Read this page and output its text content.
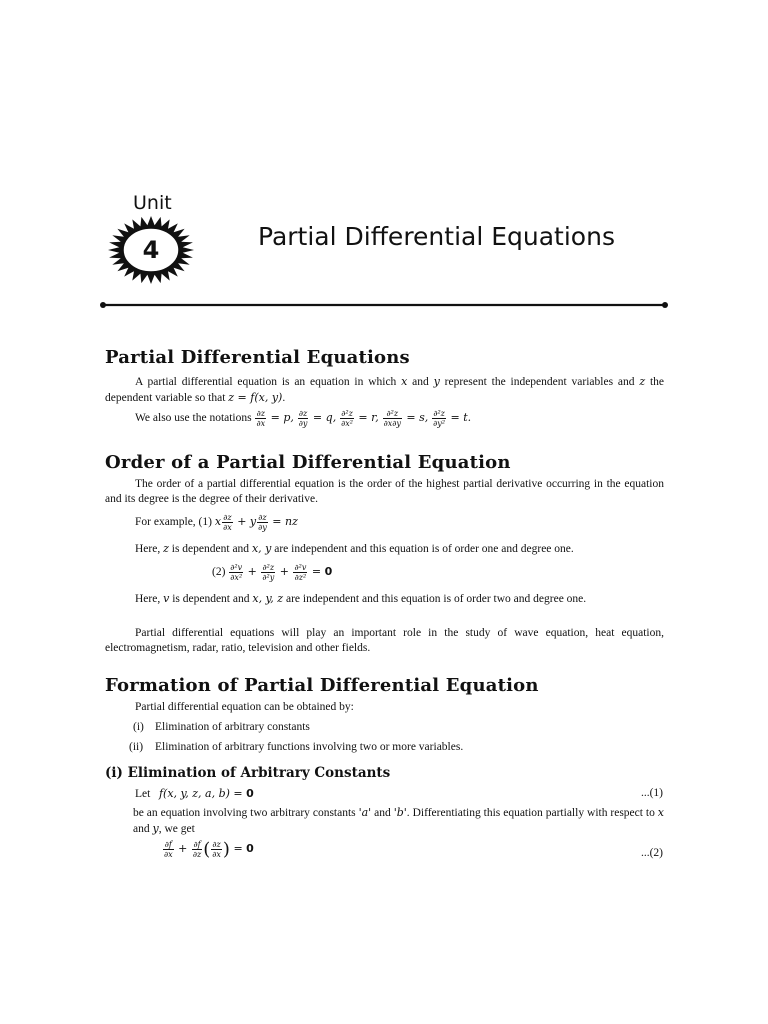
Unit
4	Partial Differential Equations
Partial Differential Equations

A partial differential equation is an equation in which x and y represent the independent variables and z the dependent variable so that z = f(x, y).

We also use the notations $\frac{\partial z}{\partial x} = p$, $\frac{\partial z}{\partial y} = q$, $\frac{\text{∂²z}}{\text{∂x²}} = r$, $\frac{\text{∂²z}}{\partial x\partial y} = s$, $\frac{\text{∂²z}}{\text{∂y²}} = t$.
Order of a Partial Differential Equation

The order of a partial differential equation is the order of the highest partial derivative occurring in the equation and its degree is the degree of their derivative.

For example, (1) x $\frac{\partial z}{\partial x} + y \frac{\partial z}{\partial y}$ = nz
Here, z is dependent and x, y are independent and this equation is of order one and degree one.
$(2) \frac{\text{∂²v}}{\text{∂x²}} + \frac{\text{∂²z}}{\text{∂²y}} + \frac{\text{∂²v}}{\text{∂z²}} = 0$

Here, v is dependent and x, y, z are independent and this equation is of order two and degree one.

Partial differential equations will play an important role in the study of wave equation, heat equation, electromagnetism, radar, ratio, television and other fields.

Formation of Partial Differential Equation
Partial differential equation can be obtained by:
(i) Elimination of arbitrary constants
(ii) Elimination of arbitrary functions involving two or more variables.
(i) Elimination of Arbitrary Constants
Let f(x, y, z, a, b) = 0	...(1)

be an equation involving two arbitrary constants 'a' and 'b'. Differentiating this equation partially with respect to x and y, we get

$\frac{\partial f}{\partial x} + \frac{\partial f}{\partial z}$ ( $\frac{\partial z}{\partial x}$ ) = 0	...(2)
